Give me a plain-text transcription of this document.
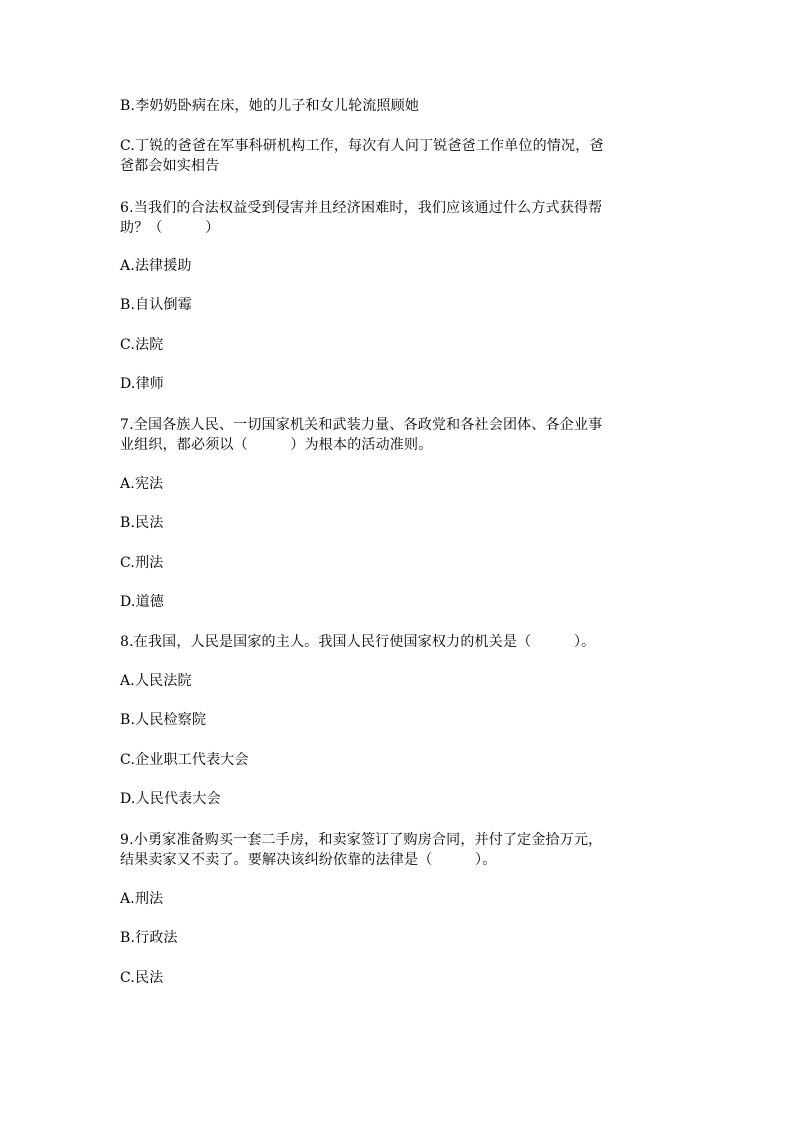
B.李奶奶卧病在床，她的儿子和女儿轮流照顾她
C.丁锐的爸爸在军事科研机构工作，每次有人问丁锐爸爸工作单位的情况，爸
爸都会如实相告
6.当我们的合法权益受到侵害并且经济困难时，我们应该通过什么方式获得帮
助？（　　　）
A.法律援助
B.自认倒霉
C.法院
D.律师
7.全国各族人民、一切国家机关和武装力量、各政党和各社会团体、各企业事
业组织，都必须以（　　　）为根本的活动准则。
A.宪法
B.民法
C.刑法
D.道德
8.在我国，人民是国家的主人。我国人民行使国家权力的机关是（　　　）。
A.人民法院
B.人民检察院
C.企业职工代表大会
D.人民代表大会
9.小勇家准备购买一套二手房，和卖家签订了购房合同，并付了定金拾万元，
结果卖家又不卖了。要解决该纠纷依靠的法律是（　　　）。
A.刑法
B.行政法
C.民法
